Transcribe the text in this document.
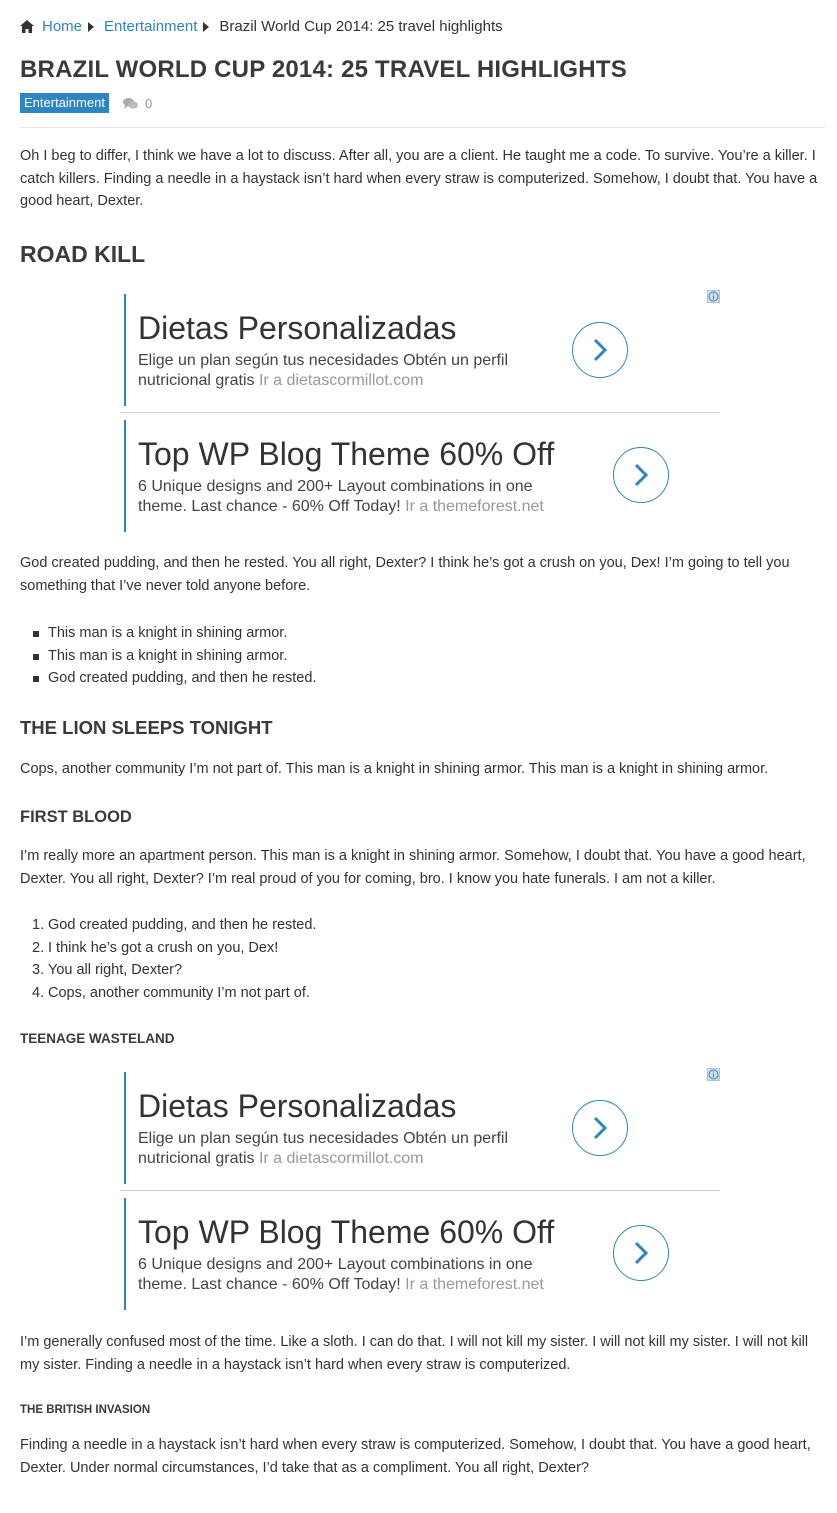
Home Entertainment Brazil World Cup 2014: 25 travel highlights
BRAZIL WORLD CUP 2014: 25 TRAVEL HIGHLIGHTS
Entertainment	0

Oh I beg to differ, I think we have a lot to discuss. After all, you are a client. He taught me a code. To survive. You’re a killer. I catch killers. Finding a needle in a haystack isn’t hard when every straw is computerized. Somehow, I doubt that. You have a good heart, Dexter.

ROAD KILL
Dietas Personalizadas
Elige un plan según tus necesidades Obtén un perfil nutricional gratis Ir a dietascormillot.com
Top WP Blog Theme 60% Off
6 Unique designs and 200+ Layout combinations in one theme. Last chance - 60% Off Today! Ir a themeforest.net

God created pudding, and then he rested. You all right, Dexter? I think he’s got a crush on you, Dex! I’m going to tell you something that I’ve never told anyone before.

This man is a knight in shining armor.
This man is a knight in shining armor.
God created pudding, and then he rested.
THE LION SLEEPS TONIGHT

Cops, another community I’m not part of. This man is a knight in shining armor. This man is a knight in shining armor.

FIRST BLOOD

I’m really more an apartment person. This man is a knight in shining armor. Somehow, I doubt that. You have a good heart, Dexter. You all right, Dexter? I’m real proud of you for coming, bro. I know you hate funerals. I am not a killer.

1. God created pudding, and then he rested.
2. I think he’s got a crush on you, Dex!
3. You all right, Dexter?
4. Cops, another community I’m not part of.
TEENAGE WASTELAND
Dietas Personalizadas
Elige un plan según tus necesidades Obtén un perfil nutricional gratis Ir a dietascormillot.com
Top WP Blog Theme 60% Off
6 Unique designs and 200+ Layout combinations in one theme. Last chance - 60% Off Today! Ir a themeforest.net

I’m generally confused most of the time. Like a sloth. I can do that. I will not kill my sister. I will not kill my sister. I will not kill my sister. Finding a needle in a haystack isn’t hard when every straw is computerized.

THE BRITISH INVASION

Finding a needle in a haystack isn’t hard when every straw is computerized. Somehow, I doubt that. You have a good heart, Dexter. Under normal circumstances, I’d take that as a compliment. You all right, Dexter?
